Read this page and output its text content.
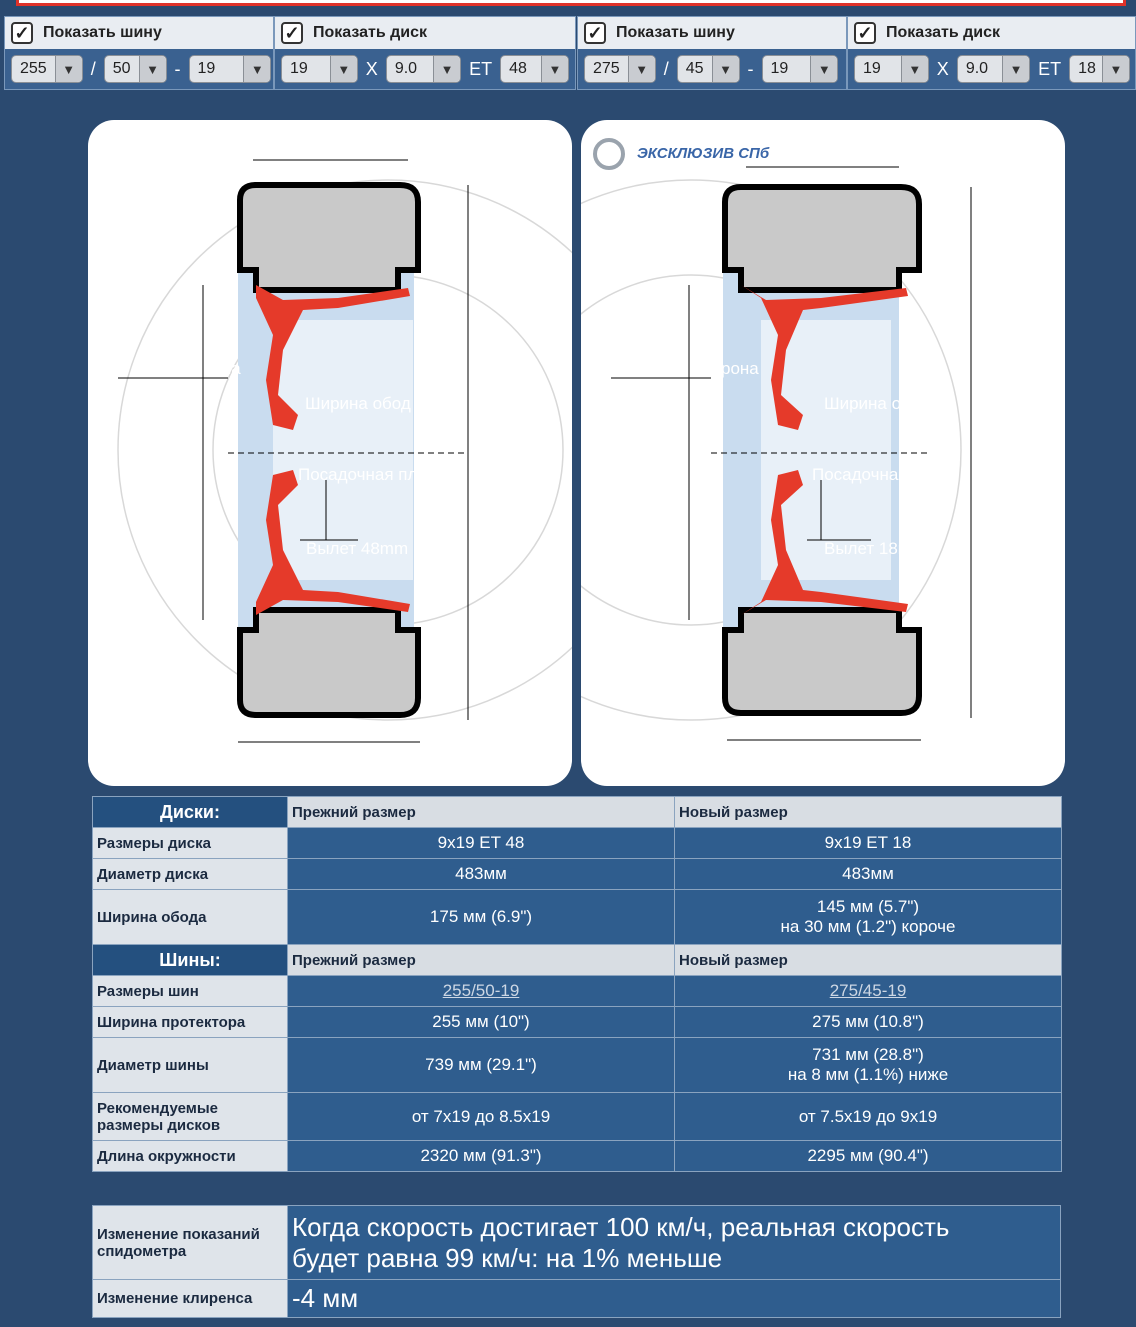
✓ Показать шину
255	▼ /	50	▼ -	19	▼
✓ Показать диск
19	▼ X	9.0	▼ ET	48	▼
✓ Показать шину
275	▼ /	45	▼ -	19	▼
✓ Показать диск
19	▼ X	9.0	▼ ET	18	▼
рона
Ширина обод
Посадочная пл
Вылет 48mm
ЭКСКЛЮЗИВ СПб
рона
Ширина об
Посадочная
Вылет 18mm
Диски:	Прежний размер	Новый размер
Размеры диска	9x19 ET 48	9x19 ET 18
Диаметр диска	483мм	483мм
Ширина обода	175 мм (6.9")	145 мм (5.7")
на 30 мм (1.2") короче

Шины:	Прежний размер	Новый размер
Размеры шин	255/50-19	275/45-19
Ширина протектора	255 мм (10")	275 мм (10.8")
Диаметр шины	739 мм (29.1")	731 мм (28.8")
на 8 мм (1.1%) ниже

Рекомендуемые размеры дисков	от 7x19 до 8.5x19	от 7.5x19 до 9x19
Длина окружности	2320 мм (91.3")	2295 мм (90.4")
Изменение показаний спидометра	Когда скорость достигает 100 км/ч, реальная скорость
будет равна 99 км/ч: на 1% меньше

Изменение клиренса	-4 мм
